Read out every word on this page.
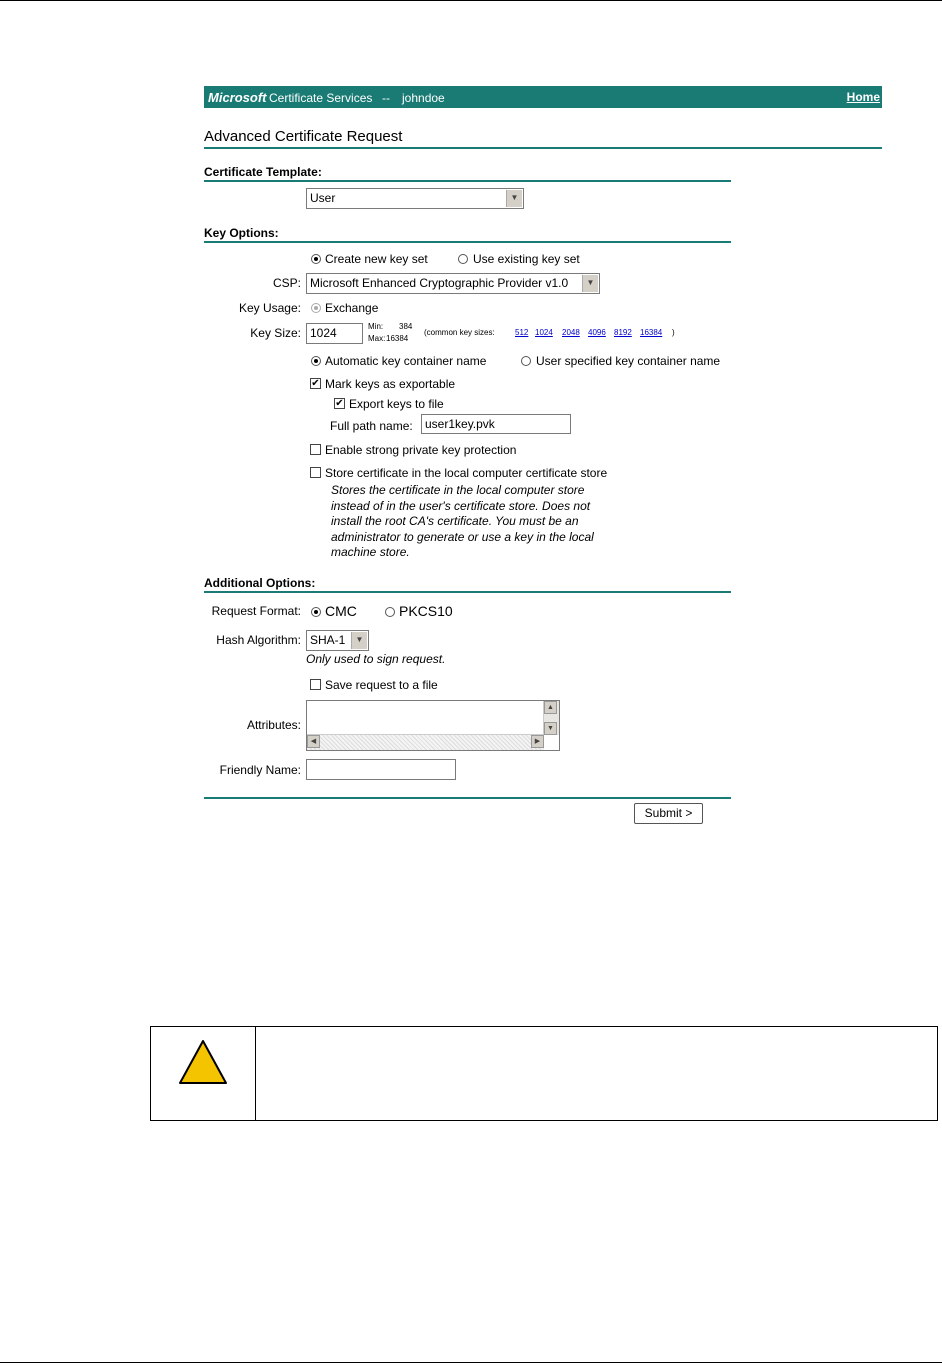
Microsoft Certificate Services -- johndoe	Home
Advanced Certificate Request
Certificate Template:
User	▼
Key Options:
Create new key set	Use existing key set
CSP: Microsoft Enhanced Cryptographic Provider v1.0	▼
Key Usage: Exchange
Key Size: 1024	Min: 384
Max: 16384
(common key sizes:	512 1024 2048 4096 8192 16384 )
Automatic key container name	User specified key container name
✔ Mark keys as exportable
✔ Export keys to file
Full path name: user1key.pvk
Enable strong private key protection
Store certificate in the local computer certificate store
Stores the certificate in the local computer store instead of in the user's certificate store. Does not install the root CA's certificate. You must be an administrator to generate or use a key in the local machine store.
Additional Options:
Request Format: CMC	PKCS10
Hash Algorithm: SHA-1	▼
Only used to sign request.
Save request to a file
Attributes:
▲
▼
◀	▶
Friendly Name:
Submit >
